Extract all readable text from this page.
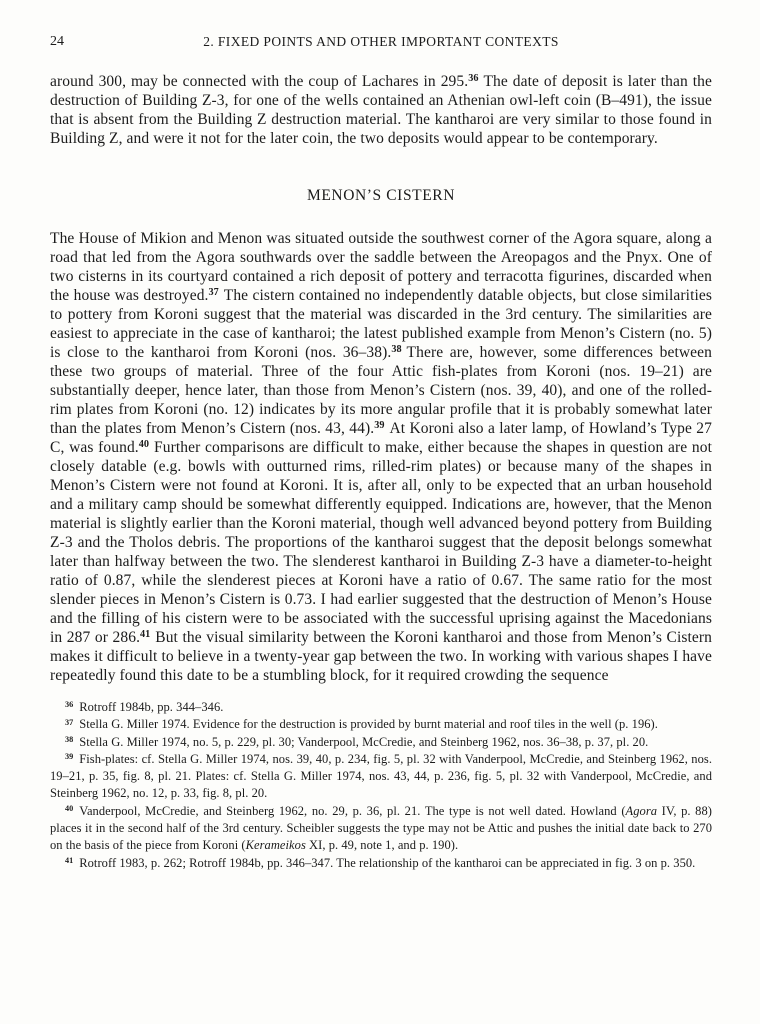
24	2. FIXED POINTS AND OTHER IMPORTANT CONTEXTS

around 300, may be connected with the coup of Lachares in 295.36 The date of deposit is later than the destruction of Building Z-3, for one of the wells contained an Athenian owl-left coin (B–491), the issue that is absent from the Building Z destruction material. The kantharoi are very similar to those found in Building Z, and were it not for the later coin, the two deposits would appear to be contemporary.

MENON’S CISTERN

The House of Mikion and Menon was situated outside the southwest corner of the Agora square, along a road that led from the Agora southwards over the saddle between the Areopagos and the Pnyx. One of two cisterns in its courtyard contained a rich deposit of pottery and terracotta figurines, discarded when the house was destroyed.$^{37}$ The cistern contained no independently datable objects, but close similarities to pottery from Koroni suggest that the material was discarded in the 3rd century. The similarities are easiest to appreciate in the case of kantharoi; the latest published example from Menon’s Cistern (no. 5) is close to the kantharoi from Koroni (nos. 36–38).$^{38}$ There are, however, some differences between these two groups of material. Three of the four Attic fish-plates from Koroni (nos. 19–21) are substantially deeper, hence later, than those from Menon’s Cistern (nos. 39, 40), and one of the rolled-rim plates from Koroni (no. 12) indicates by its more angular profile that it is probably somewhat later than the plates from Menon’s Cistern (nos. 43, 44).$^{39}$ At Koroni also a later lamp, of Howland’s Type 27 C, was found.$^{40}$ Further comparisons are difficult to make, either because the shapes in question are not closely datable (e.g. bowls with outturned rims, rilled-rim plates) or because many of the shapes in Menon’s Cistern were not found at Koroni. It is, after all, only to be expected that an urban household and a military camp should be somewhat differently equipped. Indications are, however, that the Menon material is slightly earlier than the Koroni material, though well advanced beyond pottery from Building Z-3 and the Tholos debris. The proportions of the kantharoi suggest that the deposit belongs somewhat later than halfway between the two. The slenderest kantharoi in Building Z-3 have a diameter-to-height ratio of 0.87, while the slenderest pieces at Koroni have a ratio of 0.67. The same ratio for the most slender pieces in Menon’s Cistern is 0.73. I had earlier suggested that the destruction of Menon’s House and the filling of his cistern were to be associated with the successful uprising against the Macedonians in 287 or 286.41 But the visual similarity between the Koroni kantharoi and those from Menon’s Cistern makes it difficult to believe in a twenty-year gap between the two. In working with various shapes I have repeatedly found this date to be a stumbling block, for it required crowding the sequence

$^{36}$ Rotroff 1984b, pp. 344–346.

$^{37}$ Stella G. Miller 1974. Evidence for the destruction is provided by burnt material and roof tiles in the well (p. 196).

$^{38}$ Stella G. Miller 1974, no. 5, p. 229, pl. 30; Vanderpool, McCredie, and Steinberg 1962, nos. 36–38, p. 37, pl. 20.

$^{39}$ Fish-plates: cf. Stella G. Miller 1974, nos. 39, 40, p. 234, fig. 5, pl. 32 with Vanderpool, McCredie, and Steinberg 1962, nos. 19–21, p. 35, fig. 8, pl. 21. Plates: cf. Stella G. Miller 1974, nos. 43, 44, p. 236, fig. 5, pl. 32 with Vanderpool, McCredie, and Steinberg 1962, no. 12, p. 33, fig. 8, pl. 20.

$^{40}$ Vanderpool, McCredie, and Steinberg 1962, no. 29, p. 36, pl. 21. The type is not well dated. Howland (Agora IV, p. 88) places it in the second half of the 3rd century. Scheibler suggests the type may not be Attic and pushes the initial date back to 270 on the basis of the piece from Koroni (Kerameikos XI, p. 49, note 1, and p. 190).

$^{41}$ Rotroff 1983, p. 262; Rotroff 1984b, pp. 346–347. The relationship of the kantharoi can be appreciated in fig. 3 on p. 350.
